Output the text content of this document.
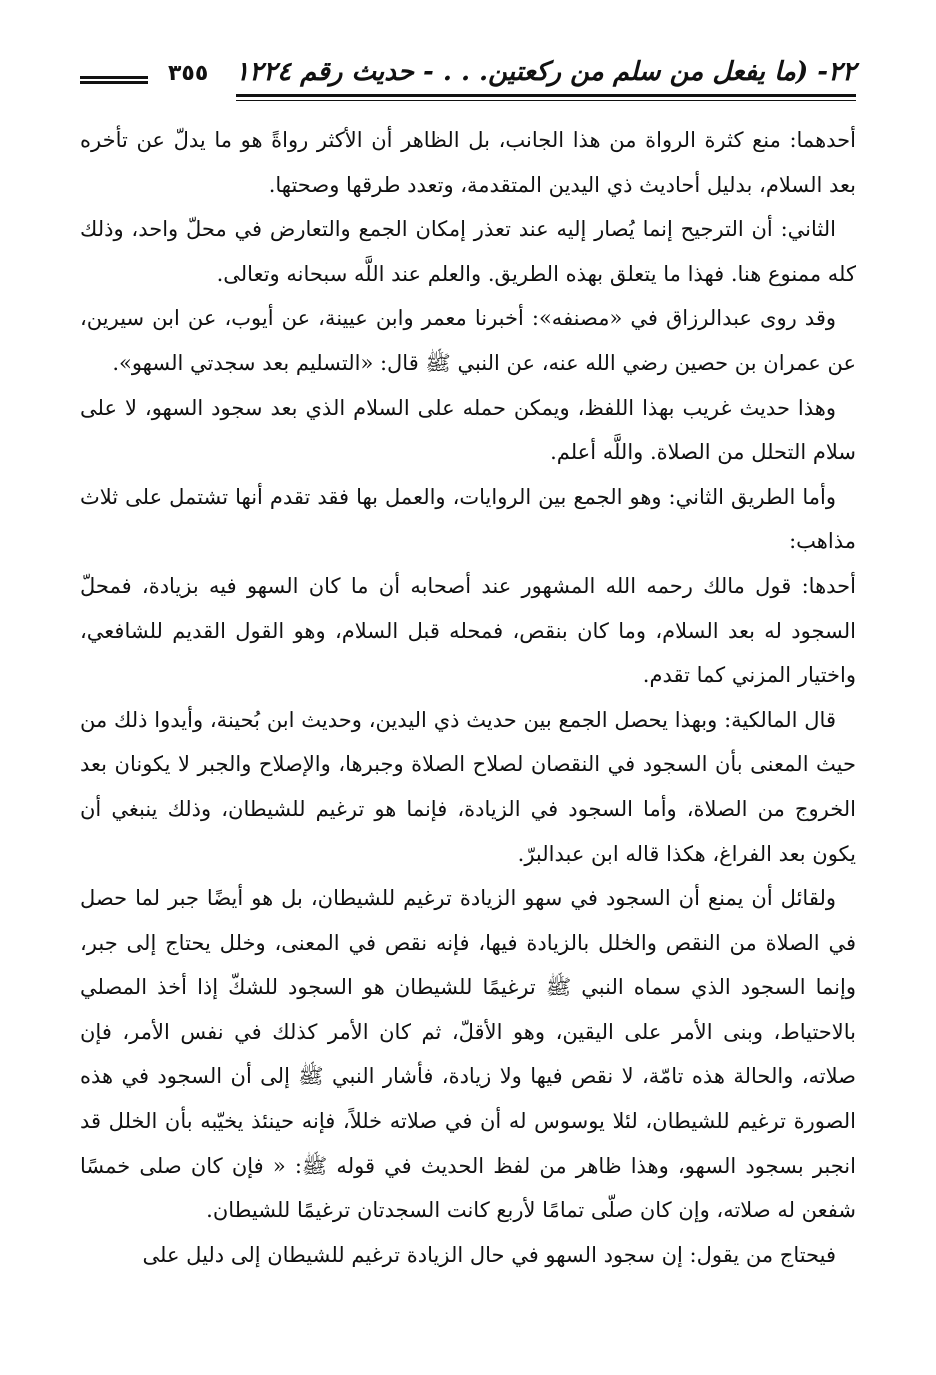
٢٢- (ما يفعل من سلم من ركعتين. . . - حديث رقم ١٢٢٤
٣٥٥

أحدهما: منع كثرة الرواة من هذا الجانب، بل الظاهر أن الأكثر رواةً هو ما يدلّ عن تأخره بعد السلام، بدليل أحاديث ذي اليدين المتقدمة، وتعدد طرقها وصحتها.

الثاني: أن الترجيح إنما يُصار إليه عند تعذر إمكان الجمع والتعارض في محلّ واحد، وذلك كله ممنوع هنا. فهذا ما يتعلق بهذه الطريق. والعلم عند اللَّه سبحانه وتعالى.

وقد روى عبدالرزاق في «مصنفه»: أخبرنا معمر وابن عيينة، عن أيوب، عن ابن سيرين، عن عمران بن حصين رضي الله عنه، عن النبي ﷺ قال: «التسليم بعد سجدتي السهو».

وهذا حديث غريب بهذا اللفظ، ويمكن حمله على السلام الذي بعد سجود السهو، لا على سلام التحلل من الصلاة. واللَّه أعلم.

وأما الطريق الثاني: وهو الجمع بين الروايات، والعمل بها فقد تقدم أنها تشتمل على ثلاث مذاهب:

أحدها: قول مالك رحمه الله المشهور عند أصحابه أن ما كان السهو فيه بزيادة، فمحلّ السجود له بعد السلام، وما كان بنقص، فمحله قبل السلام، وهو القول القديم للشافعي، واختيار المزني كما تقدم.

قال المالكية: وبهذا يحصل الجمع بين حديث ذي اليدين، وحديث ابن بُحينة، وأيدوا ذلك من حيث المعنى بأن السجود في النقصان لصلاح الصلاة وجبرها، والإصلاح والجبر لا يكونان بعد الخروج من الصلاة، وأما السجود في الزيادة، فإنما هو ترغيم للشيطان، وذلك ينبغي أن يكون بعد الفراغ، هكذا قاله ابن عبدالبرّ.

ولقائل أن يمنع أن السجود في سهو الزيادة ترغيم للشيطان، بل هو أيضًا جبر لما حصل في الصلاة من النقص والخلل بالزيادة فيها، فإنه نقص في المعنى، وخلل يحتاج إلى جبر، وإنما السجود الذي سماه النبي ﷺ ترغيمًا للشيطان هو السجود للشكّ إذا أخذ المصلي بالاحتياط، وبنى الأمر على اليقين، وهو الأقلّ، ثم كان الأمر كذلك في نفس الأمر، فإن صلاته، والحالة هذه تامّة، لا نقص فيها ولا زيادة، فأشار النبي ﷺ إلى أن السجود في هذه الصورة ترغيم للشيطان، لئلا يوسوس له أن في صلاته خللاً، فإنه حينئذ يخيّبه بأن الخلل قد انجبر بسجود السهو، وهذا ظاهر من لفظ الحديث في قوله ﷺ: « فإن كان صلى خمسًا شفعن له صلاته، وإن كان صلّى تمامًا لأربع كانت السجدتان ترغيمًا للشيطان.

فيحتاج من يقول: إن سجود السهو في حال الزيادة ترغيم للشيطان إلى دليل على
